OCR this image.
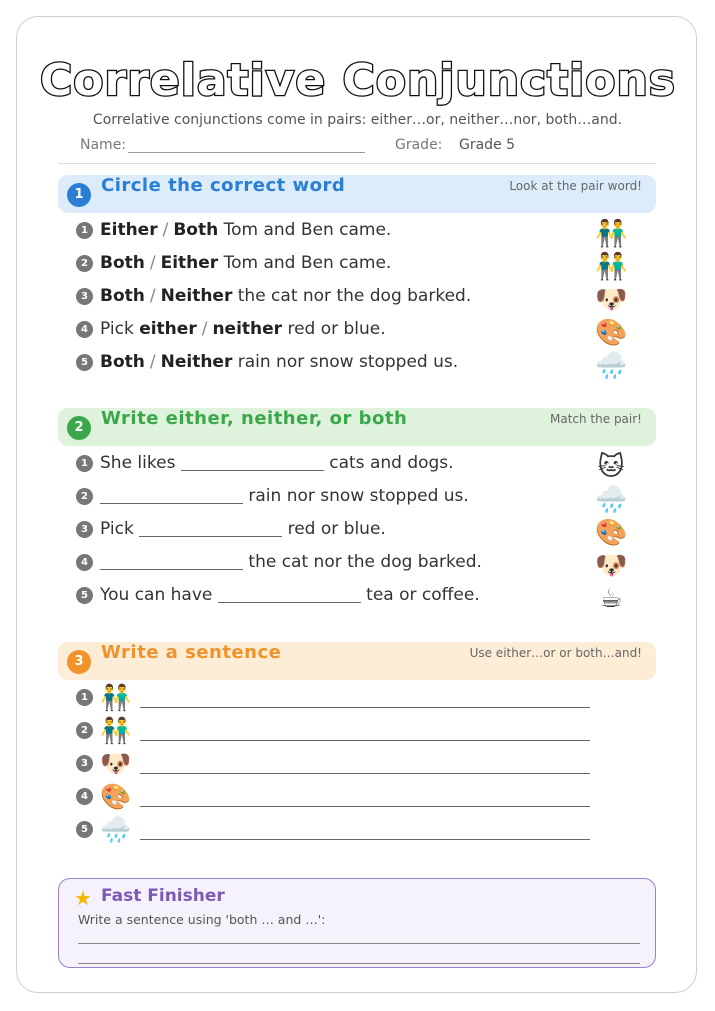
Correlative Conjunctions
Correlative conjunctions come in pairs: either…or, neither…nor, both…and.
Name:	Grade: Grade 5
1 Circle the correct word	Look at the pair word!
1 Either / Both Tom and Ben came.	👬
2 Both / Either Tom and Ben came.	👬
3 Both / Neither the cat nor the dog barked.	🐶
4 Pick either / neither red or blue.	🎨
5 Both / Neither rain nor snow stopped us.	🌧️
2 Write either, neither, or both	Match the pair!
1 She likes	cats and dogs.	🐱
2	rain nor snow stopped us.	🌧️
3 Pick	red or blue.	🎨
4	the cat nor the dog barked.	🐶
5 You can have	tea or coffee.	☕
3 Write a sentence	Use either…or or both…and!
1 👬
2 👬
3 🐶
4 🎨
5 🌧️
★ Fast Finisher
Write a sentence using 'both … and …':
